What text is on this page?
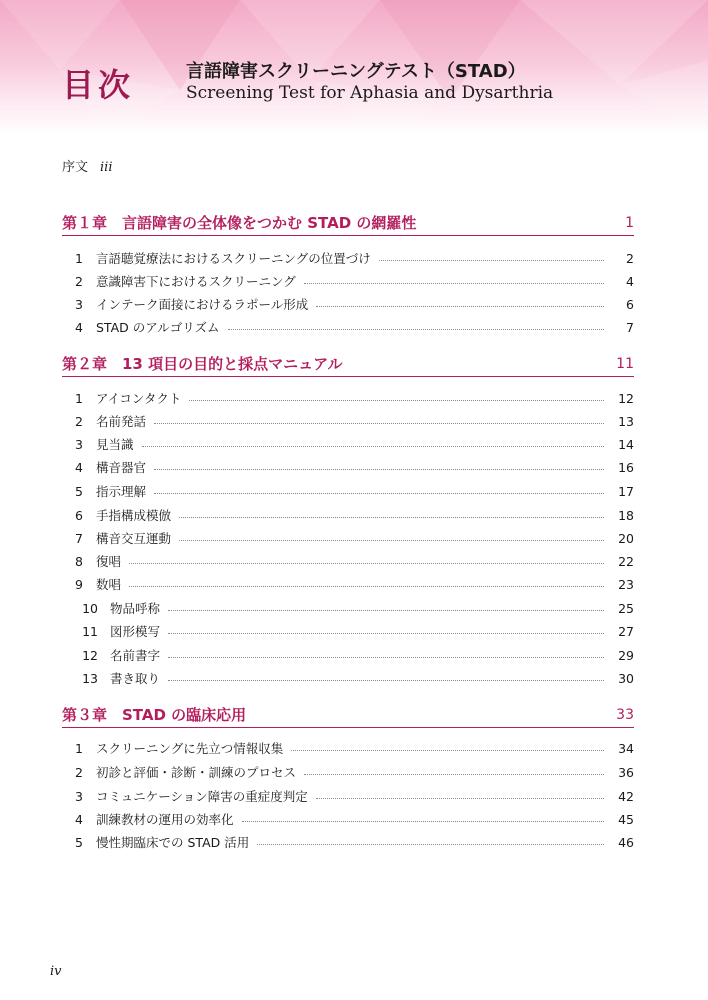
目次	言語障害スクリーニングテスト（STAD）
Screening Test for Aphasia and Dysarthria
序文 iii
第１章　言語障害の全体像をつかむ STAD の網羅性	1
1	言語聴覚療法におけるスクリーニングの位置づけ	2
2	意識障害下におけるスクリーニング	4
3	インテーク面接におけるラポール形成	6
4	STAD のアルゴリズム	7
第２章　13 項目の目的と採点マニュアル	11
1	アイコンタクト	12
2	名前発話	13
3	見当識	14
4	構音器官	16
5	指示理解	17
6	手指構成模倣	18
7	構音交互運動	20
8	復唱	22
9	数唱	23
10 物品呼称	25
11 図形模写	27
12 名前書字	29
13 書き取り	30
第３章　STAD の臨床応用	33
1	スクリーニングに先立つ情報収集	34
2	初診と評価・診断・訓練のプロセス	36
3	コミュニケーション障害の重症度判定	42
4	訓練教材の運用の効率化	45
5	慢性期臨床での STAD 活用	46
iv
